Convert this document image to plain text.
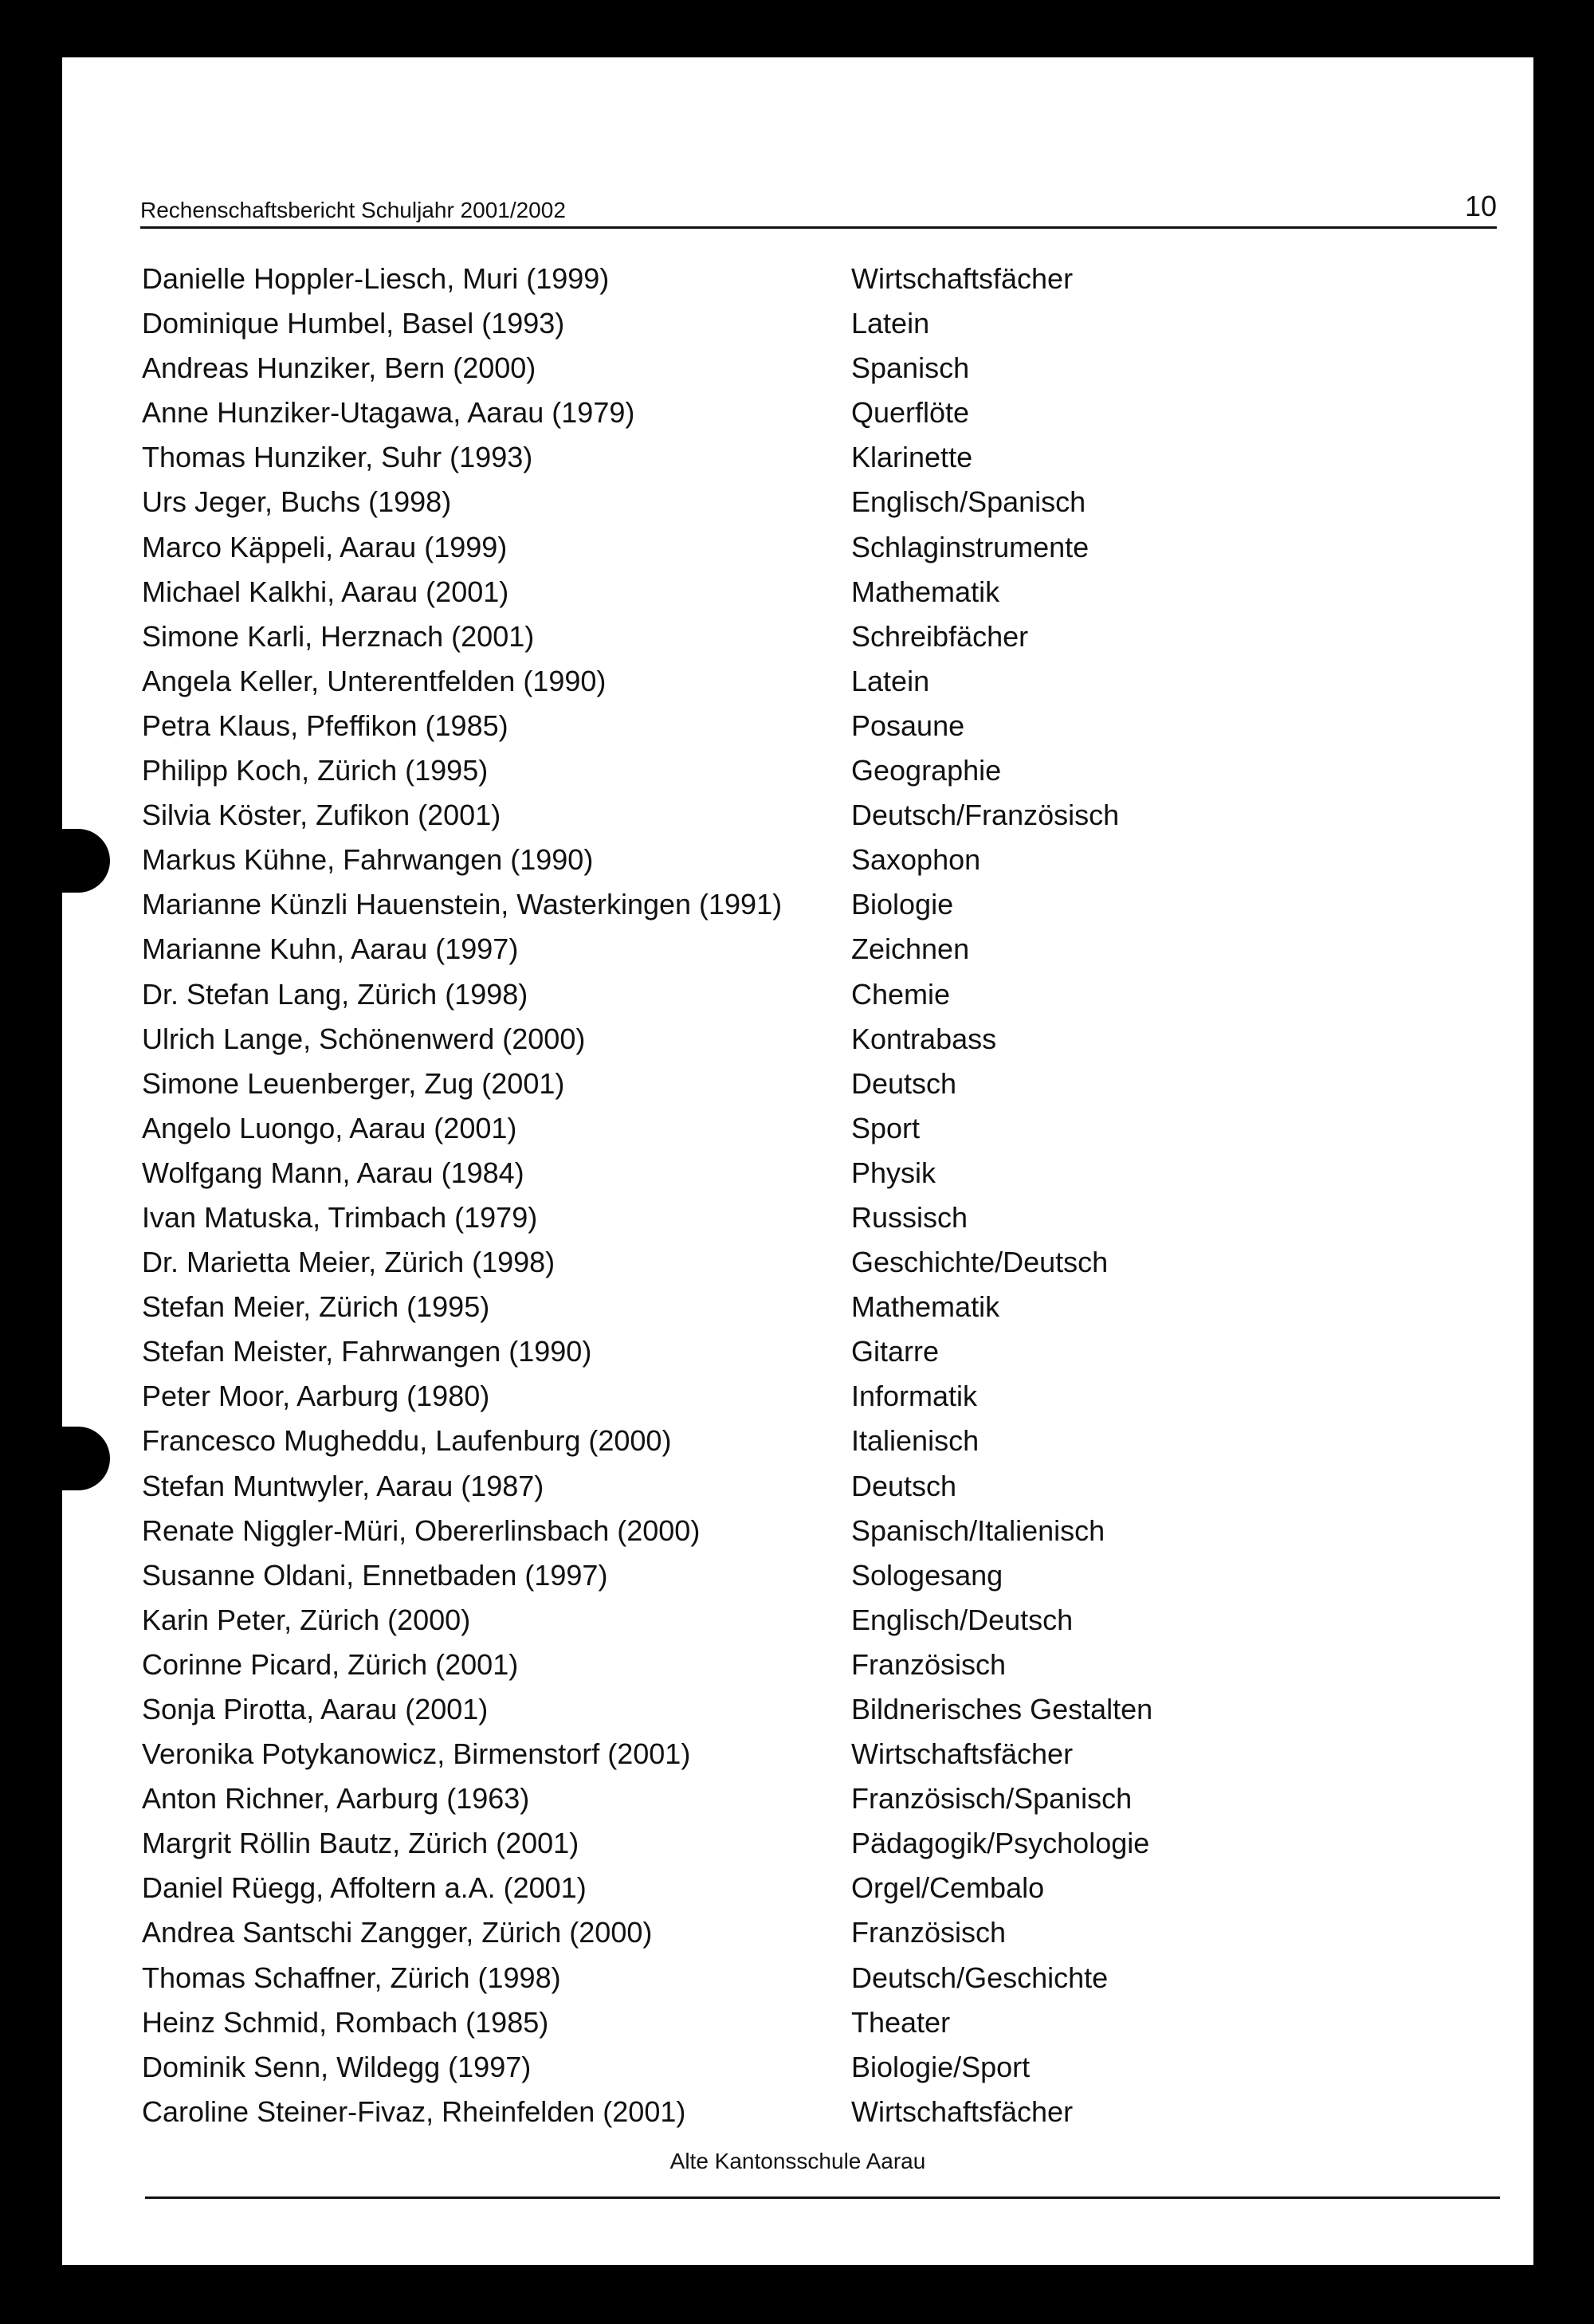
Rechenschaftsbericht Schuljahr 2001/2002	10
Danielle Hoppler-Liesch, Muri (1999)	Wirtschaftsfächer
Dominique Humbel, Basel (1993)	Latein
Andreas Hunziker, Bern (2000)	Spanisch
Anne Hunziker-Utagawa, Aarau (1979)	Querflöte
Thomas Hunziker, Suhr (1993)	Klarinette
Urs Jeger, Buchs (1998)	Englisch/Spanisch
Marco Käppeli, Aarau (1999)	Schlaginstrumente
Michael Kalkhi, Aarau (2001)	Mathematik
Simone Karli, Herznach (2001)	Schreibfächer
Angela Keller, Unterentfelden (1990)	Latein
Petra Klaus, Pfeffikon (1985)	Posaune
Philipp Koch, Zürich (1995)	Geographie
Silvia Köster, Zufikon (2001)	Deutsch/Französisch
Markus Kühne, Fahrwangen (1990)	Saxophon
Marianne Künzli Hauenstein, Wasterkingen (1991) Biologie
Marianne Kuhn, Aarau (1997)	Zeichnen
Dr. Stefan Lang, Zürich (1998)	Chemie
Ulrich Lange, Schönenwerd (2000)	Kontrabass
Simone Leuenberger, Zug (2001)	Deutsch
Angelo Luongo, Aarau (2001)	Sport
Wolfgang Mann, Aarau (1984)	Physik
Ivan Matuska, Trimbach (1979)	Russisch
Dr. Marietta Meier, Zürich (1998)	Geschichte/Deutsch
Stefan Meier, Zürich (1995)	Mathematik
Stefan Meister, Fahrwangen (1990)	Gitarre
Peter Moor, Aarburg (1980)	Informatik
Francesco Mugheddu, Laufenburg (2000)	Italienisch
Stefan Muntwyler, Aarau (1987)	Deutsch
Renate Niggler-Müri, Obererlinsbach (2000)	Spanisch/Italienisch
Susanne Oldani, Ennetbaden (1997)	Sologesang
Karin Peter, Zürich (2000)	Englisch/Deutsch
Corinne Picard, Zürich (2001)	Französisch
Sonja Pirotta, Aarau (2001)	Bildnerisches Gestalten
Veronika Potykanowicz, Birmenstorf (2001)	Wirtschaftsfächer
Anton Richner, Aarburg (1963)	Französisch/Spanisch
Margrit Röllin Bautz, Zürich (2001)	Pädagogik/Psychologie
Daniel Rüegg, Affoltern a.A. (2001)	Orgel/Cembalo
Andrea Santschi Zangger, Zürich (2000)	Französisch
Thomas Schaffner, Zürich (1998)	Deutsch/Geschichte
Heinz Schmid, Rombach (1985)	Theater
Dominik Senn, Wildegg (1997)	Biologie/Sport
Caroline Steiner-Fivaz, Rheinfelden (2001)	Wirtschaftsfächer
Alte Kantonsschule Aarau
